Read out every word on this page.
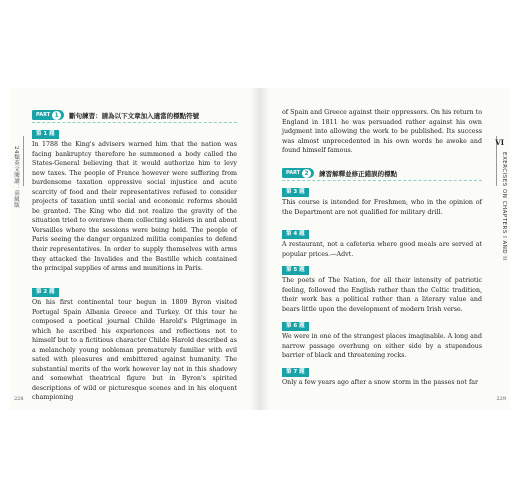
24類英文閱讀：高級版
PART 1	斷句練習：請為以下文章加入適當的標點符號
第 1 題

In 1788 the King's advisers warned him that the nation was facing bankruptcy therefore he summoned a body called the States-General believing that it would authorize him to levy new taxes. The people of France however were suffering from burdensome taxation oppressive social injustice and acute scarcity of food and their representatives refused to consider projects of taxation until social and economic reforms should be granted. The King who did not realize the gravity of the situation tried to overawe them collecting soldiers in and about Versailles where the sessions were being held. The people of Paris seeing the danger organized militia companies to defend their representatives. In order to supply themselves with arms they attacked the Invalides and the Bastille which contained the principal supplies of arms and munitions in Paris.

第 2 題

On his first continental tour begun in 1809 Byron visited Portugal Spain Albania Greece and Turkey. Of this tour he composed a poetical journal Childe Harold's Pilgrimage in which he ascribed his experiences and reflections not to himself but to a fictitious character Childe Harold described as a melancholy young nobleman prematurely familiar with evil sated with pleasures and embittered against humanity. The substantial merits of the work however lay not in this shadowy and somewhat theatrical figure but in Byron's spirited descriptions of wild or picturesque scenes and in his eloquent championing

228
VI
EXERCISES ON CHAPTERS I AND II

of Spain and Greece against their oppressors. On his return to England in 1811 he was persuaded rather against his own judgment into allowing the work to be published. Its success was almost unprecedented in his own words he awoke and found himself famous.

PART 2	練習解釋並修正錯誤的標點
第 3 題

This course is intended for Freshmen, who in the opinion of the Department are not qualified for military drill.

第 4 題

A restaurant, not a cafeteria where good meals are served at popular prices.—Advt.

第 5 題

The poets of The Nation, for all their intensity of patriotic feeling, followed the English rather than the Celtic tradition, their work has a political rather than a literary value and bears little upon the development of modern Irish verse.

第 6 題

We were in one of the strangest places imaginable. A long and narrow passage overhung on either side by a stupendous barrier of black and threatening rocks.

第 7 題

Only a few years ago after a snow storm in the passes not far

229
